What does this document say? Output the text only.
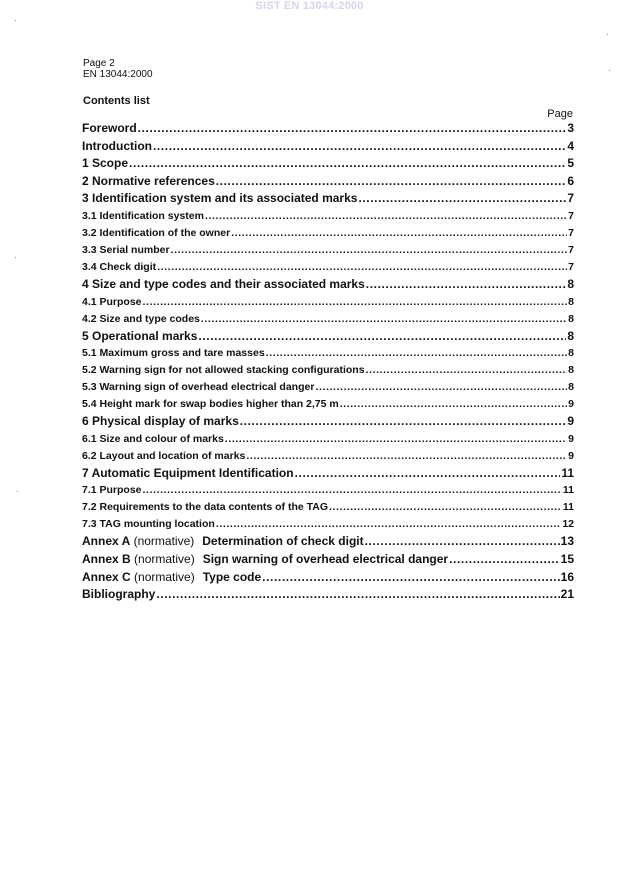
SIST EN 13044:2000
·
·
·
·
·
Page 2
EN 13044:2000
Contents list
Page
Foreword .....	3
Introduction .....	4
1 Scope .....	5
2 Normative references .....	6
3 Identification system and its associated marks .....	7
3.1 Identification system .....	7
3.2 Identification of the owner .....	7
3.3 Serial number .....	7
3.4 Check digit .....	7
4 Size and type codes and their associated marks .....	8
4.1 Purpose .....	8
4.2 Size and type codes .....	8
5 Operational marks .....	8
5.1 Maximum gross and tare masses .....	8
5.2 Warning sign for not allowed stacking configurations .....	8
5.3 Warning sign of overhead electrical danger .....	8
5.4 Height mark for swap bodies higher than 2,75 m .....	9
6 Physical display of marks .....	9
6.1 Size and colour of marks .....	9
6.2 Layout and location of marks .....	9
7 Automatic Equipment Identification .....	11
7.1 Purpose .....	11
7.2 Requirements to the data contents of the TAG .....	11
7.3 TAG mounting location .....	12
Annex A (normative) Determination of check digit .....	13
Annex B (normative) Sign warning of overhead electrical danger .....	15
Annex C (normative) Type code .....	16
Bibliography .....	21
